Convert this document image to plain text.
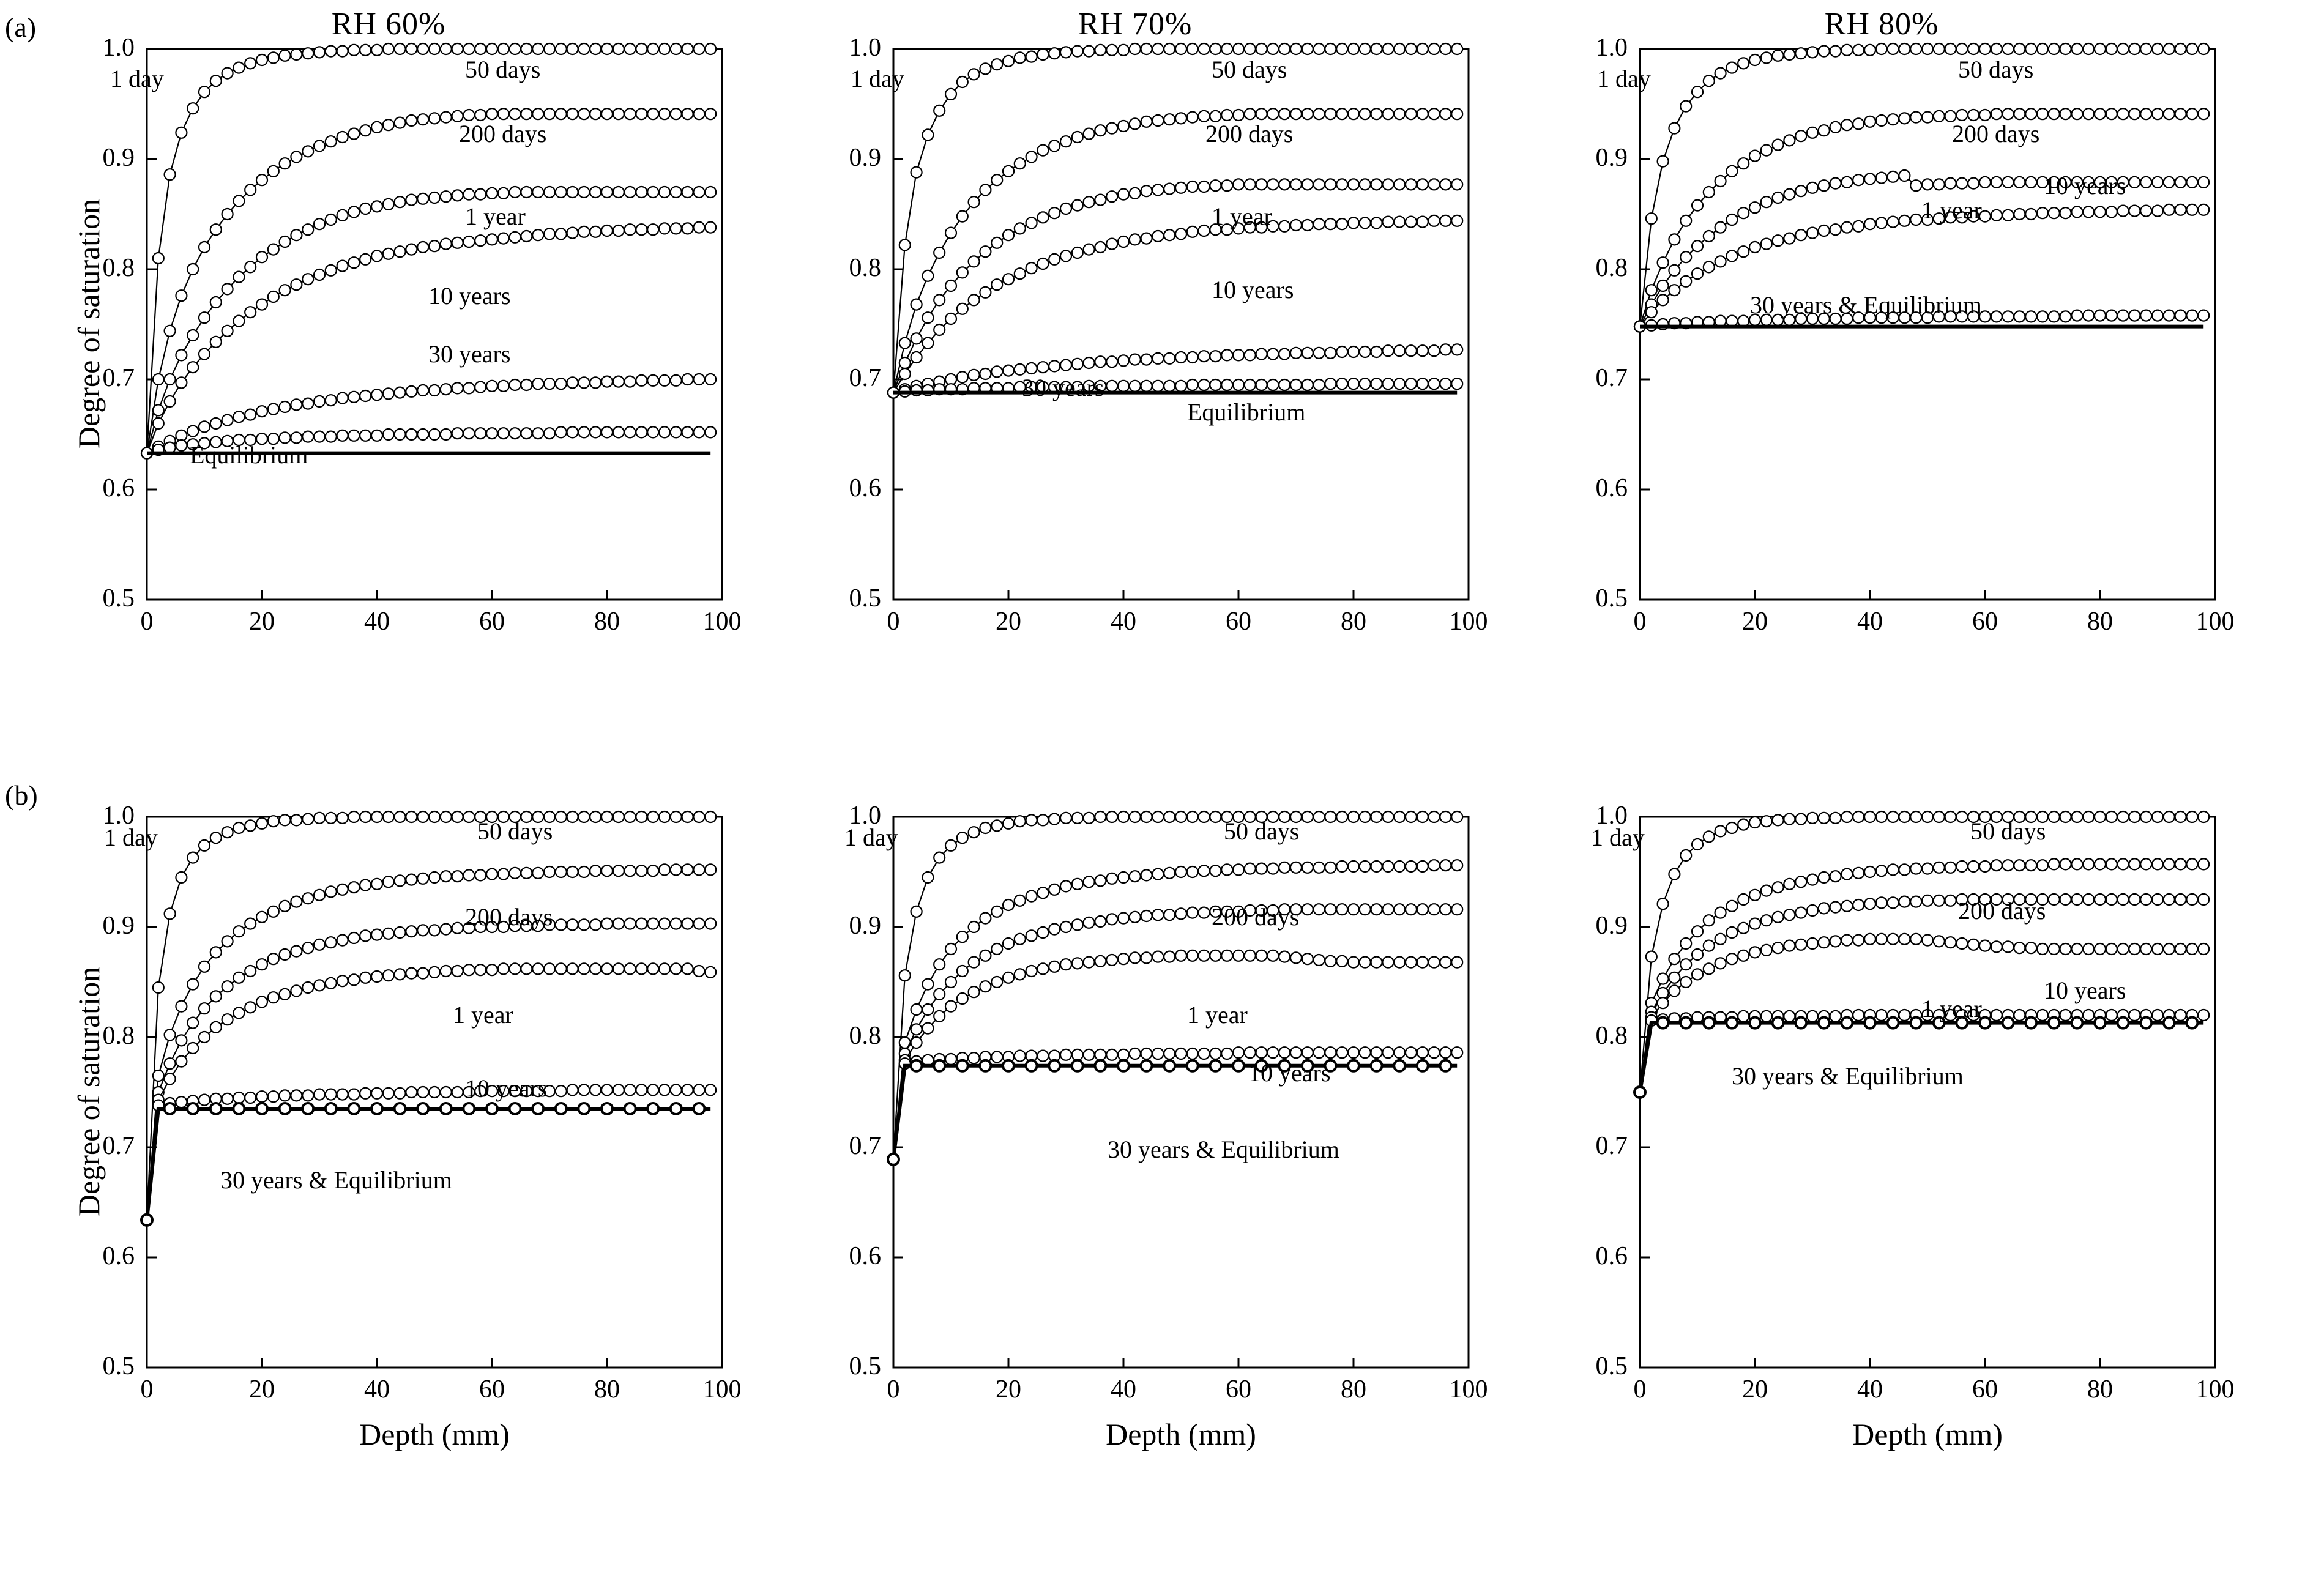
(a)	RH 60%
0	20	40	60	80	100
0.5
0.6
0.7
0.8
0.9
1.0
Degree of saturation
1 day	50 days
200 days
1 year
10 years
30 years
Equilibrium
RH 70%
0	20	40	60	80	100
0.5
0.6
0.7
0.8
0.9
1.0
1 day	50 days
200 days
1 year
10 years
30 years
Equilibrium
RH 80%
0	20	40	60	80	100
0.5
0.6
0.7
0.8
0.9
1.0
1 day	50 days
200 days
1 year
10 years
30 years & Equilibrium
(b)
0	20	40	60	80	100
0.5
0.6
0.7
0.8
0.9
1.0
Degree of saturation
Depth (mm)
1 day	50 days
200 days
1 year
10 years
30 years & Equilibrium
0	20	40	60	80	100
0.5
0.6
0.7
0.8
0.9
1.0
Depth (mm)
1 day	50 days
200 days
1 year
10 years
30 years & Equilibrium
0	20	40	60	80	100
0.5
0.6
0.7
0.8
0.9
1.0
Depth (mm)
1 day	50 days
200 days
1 year
10 years
30 years & Equilibrium
